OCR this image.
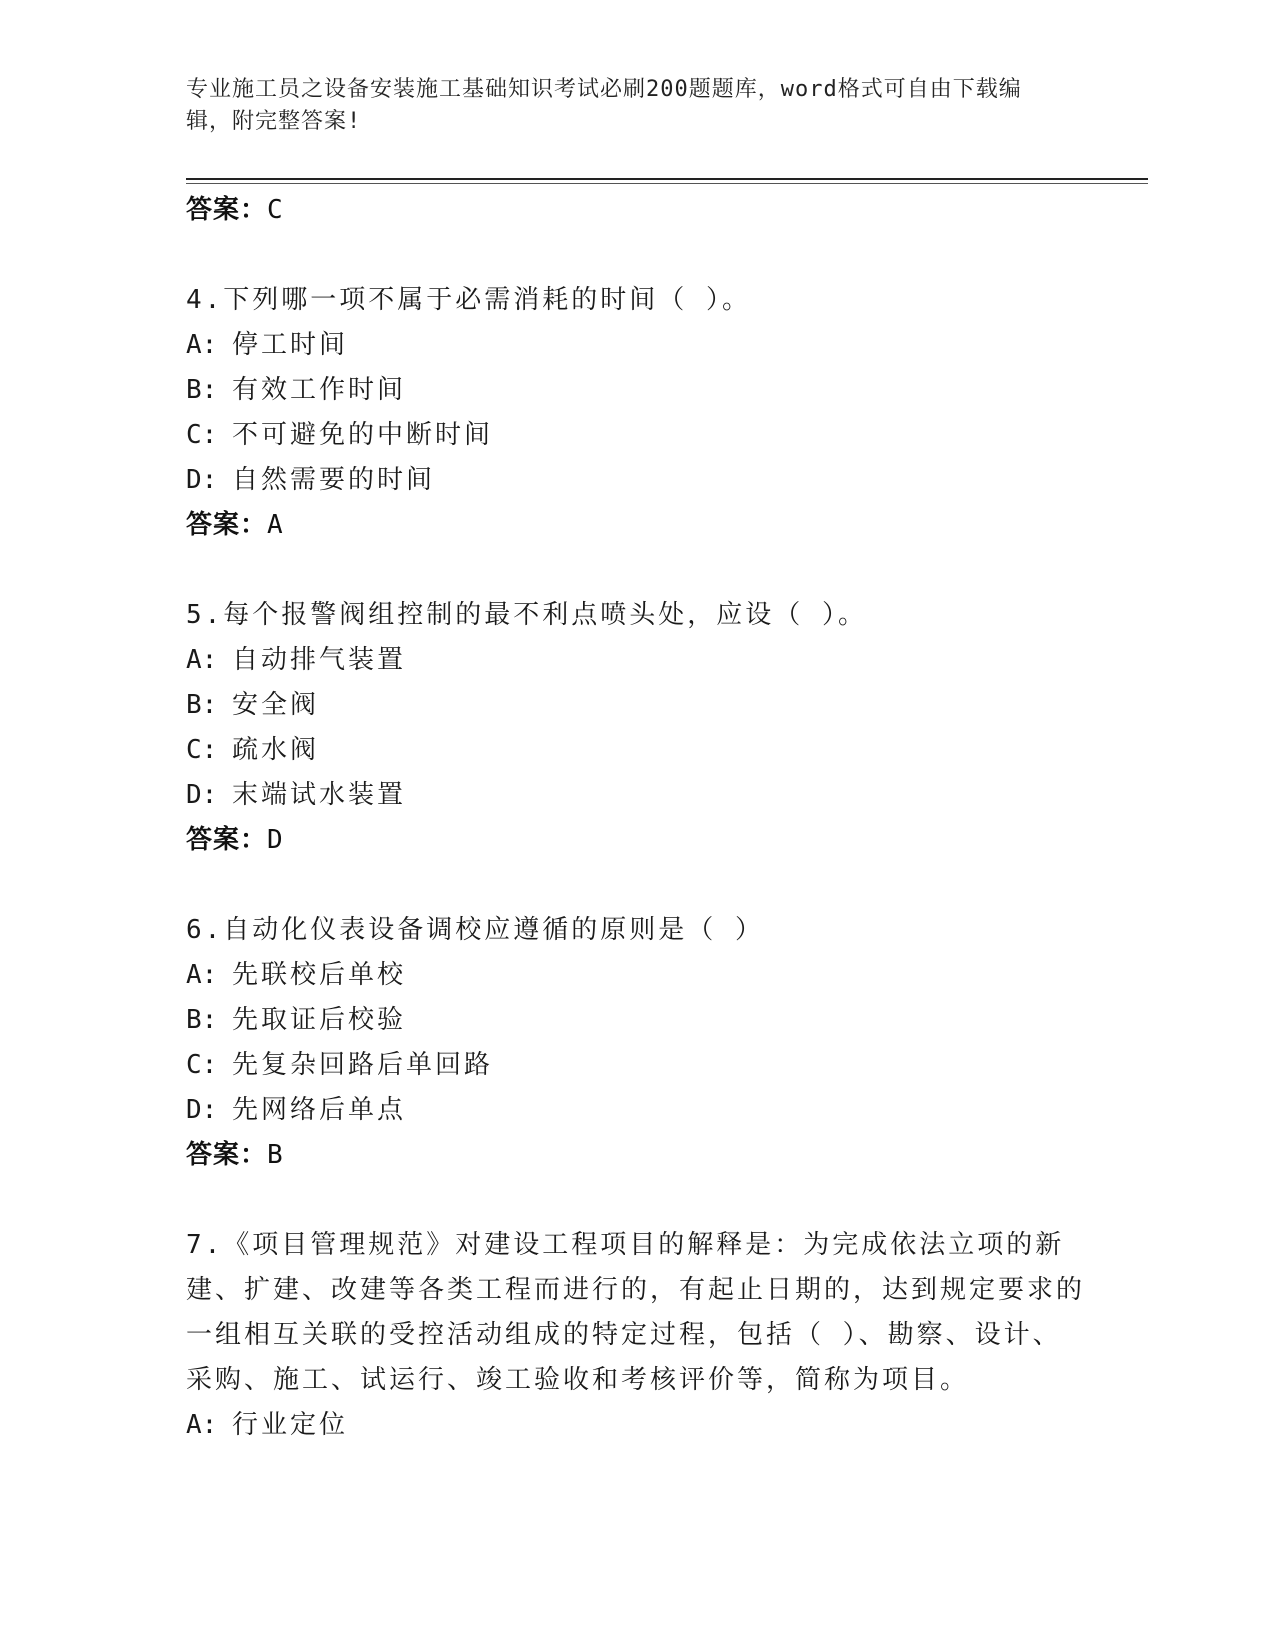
专业施工员之设备安装施工基础知识考试必刷200题题库，word格式可自由下载编辑，附完整答案!

答案：C

4.下列哪一项不属于必需消耗的时间（ ）。

A: 停工时间

B: 有效工作时间

C: 不可避免的中断时间

D: 自然需要的时间

答案：A

5.每个报警阀组控制的最不利点喷头处，应设（ ）。

A: 自动排气装置

B: 安全阀

C: 疏水阀

D: 末端试水装置

答案：D

6.自动化仪表设备调校应遵循的原则是（ ）

A: 先联校后单校

B: 先取证后校验

C: 先复杂回路后单回路

D: 先网络后单点

答案：B

7.《项目管理规范》对建设工程项目的解释是：为完成依法立项的新建、扩建、改建等各类工程而进行的，有起止日期的，达到规定要求的一组相互关联的受控活动组成的特定过程，包括（ ）、勘察、设计、采购、施工、试运行、竣工验收和考核评价等，简称为项目。

A: 行业定位
